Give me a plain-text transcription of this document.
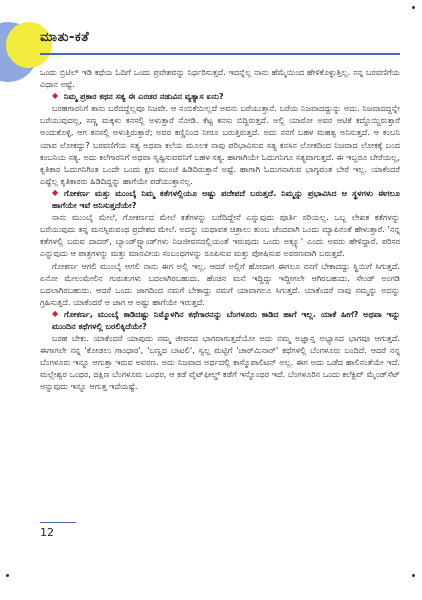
ಮಾತು-ಕತೆ

ಒಂದು ಬ್ರಿಟಿಲ್ ಇಡಿ ಕಥೆಯ ಓದಿಗೆ ಒಂದು ಪ್ರವೇಶವನ್ನು ನಿರ್ಧರಿಸುತ್ತದೆ. ಇದನ್ನೆಲ್ಲ ನಾನು ಹೆಮ್ಮೆಯಿಂದ ಹೇಳಿಕೊಳ್ಳುತ್ತಿಲ್ಲ. ನನ್ನ ಬರವಣಿಗೆಯ ವಿಧಾನ ಅಷ್ಟೆ.

◆ ನಿಮ್ಮ ಪ್ರಕಾರ ಕಥನ ಸತ್ಯ ಈ ಎರಡರ ನಡುವಿನ ವ್ಯತ್ಯಾಸ ಏನು?

ಬರಹಗಾರನಿಗೆ ತಾನು ಬರೆದದ್ದೆಲ್ಲವೂ ನಿಜವೇ. ಆ ನಂಬಿಕೆಯಿಲ್ಲದೆ ಅವನು ಬರೆಯುತ್ತಾನೆ. ಬರೆಯ ನಿಜವಾದದ್ದುನ್ನು ಅದು. ನಿಜವಾದದ್ದನ್ನೇ ಬರೆಯುವುದಲ್ಲ, ಸಣ್ಣ ಮಕ್ಕಳು ಕನಸಲ್ಲಿ ಅಳುತ್ತಾರೆ ನೋಡಿ. ಕೆಟ್ಟ ಕನಸು ಬಿದ್ದಿರುತ್ತದೆ. ಅಲ್ಲಿ ಯಾರೋ ಅವರ ಆಟಿಕೆ ಕದ್ದೊಯ್ದಿರುತ್ತಾರೆ ಅಂದುಕೊಳ್ಳಿ, ಆಗ ಕನಸಲ್ಲಿ ಅಳುತ್ತಿರುತ್ತಾರೆ; ಅವರ ಕಣ್ಣಿನಿಂದ ನೀರೂ ಬರುತ್ತಿರುತ್ತದೆ. ಅದು ನನಗೆ ಬಹಳ ಮಹತ್ವ ಅನಿಸುತ್ತದೆ. ಆ ಕಂಬನಿ ಯಾವ ಲೋಕದ್ದು? ಬರವಣಿಗೆಯ ಸತ್ಯ ಅಥವಾ ಕಲೆಯ ಮೂಲಕ ನಾವು ಪರಿಭಾವಿಸುವ ಸತ್ಯ ಕನಸಿನ ಲೋಕದಿಂದ ನಿಜವಾದ ಲೋಕಕ್ಕೆ ಬಂದ ಕಂಬನಿಯ ಸತ್ಯ. ಅದು ಕಲೆಗಾರನಿಗೆ ಅಥವಾ ಸೃಷ್ಟಿಸುವವನಿಗೆ ಬಹಳ ಸತ್ಯ. ಹಾಗಾಗಿಯೇ ಓದುಗನಿಗೂ ಸತ್ಯವಾಗುತ್ತದೆ. ಈ ಇಬ್ಬರೂ ಬೇರೆಯಲ್ಲ, ಕೃತಿಕಾರ ಓದುಗನಿಗಿಂತ ಒಂದೇ ಒಂದು ಕ್ಷಣ ಮುಂಚೆ ಹಿಡಿದಿರುತ್ತಾನೆ ಅಷ್ಟೆ. ಹಾಗಾಗಿ ಓದುಗನಾಗುವ ಭಾಗ್ಯವಂತ ಬೇರೆ ಇಲ್ಲ. ಯಾಕೆಂದರೆ ಎಷ್ಟೆಲ್ಲ ಕೃತಿಕಾರರು ಹಿಡಿದಿದ್ದನ್ನು ಹಾಗೆಯೇ ಪಡೆಯುತ್ತಾನಲ್ಲ.

◆ ಗೋಕರ್ಣ ಮತ್ತು ಮುಂಬೈ ನಿಮ್ಮ ಕತೆಗಳಲ್ಲಿಯೂ ಅಷ್ಟು ಪದೇಪದೆ ಬರುತ್ತದೆ. ನಿಮ್ಮನ್ನು ಪ್ರಭಾವಿಸಿದ ಆ ಸ್ಥಳಗಳು ಈಗಲೂ ಹಾಗೆಯೇ ಇವೆ ಅನಿಸುತ್ತದೆಯೇ?

ನಾನು ಮುಂಬೈ ಮೇಲೆ, ಗೋಕರ್ಣದ ಮೇಲೆ ಕತೆಗಳನ್ನು ಬರೆದಿದ್ದೇನೆ ಎನ್ನುವುದು ಪೂರ್ತಿ ಸರಿಯಲ್ಲ. ಒಬ್ಬ ಲೇಖಕ ಕತೆಗಳನ್ನು ಬರೆಯುವುದು ತನ್ನ ಮನಸ್ಸಿರುವಂಥ ಪ್ರದೇಶದ ಮೇಲೆ. ಅದನ್ನು ಯಥಾವತ ಚಿತ್ರಾಲು ತುಂಬ ಚೆಂದವಾಗಿ ಒಂದು ಮ್ಯಾಪಿನಂತೆ ಹೇಳುತ್ತಾರೆ. 'ನನ್ನ ಕತೆಗಳಲ್ಲಿ ಬರುವ ದಾದರ್, ಬ್ಯಾಂಡ್‌ಸ್ಟ್ಯಾಂಡ್‌ಗಳು ನಿಜಜೀವನದಲ್ಲಿಯಂತೆ ಇರುವುದು ಒಂದು ಅಕ್ಷ್ಯೂ' ಎಂದು ಅವರು ಹೇಳಿದ್ದಾರೆ. ಪರಿಸರ ಎನ್ನುವುದು ಆ ಪಾತ್ರಗಳನ್ನು ಮತ್ತು ಮಾನವೀಯ ಸಂಬಂಧಗಳನ್ನು ರೂಪಿಸುವ ಮತ್ತು ಪೋಷಿಸುವ ಅವರಣವಾಗಿ ಬರುತ್ತದೆ.

ಗೋಕರ್ಣ ಆಗಲಿ ಮುಂಬೈ ಆಗಲಿ ನಾನು ಈಗ ಅಲ್ಲಿ ಇಲ್ಲ. ಆದರೆ ಅಲ್ಲಿಗೆ ಹೋದಾಗ ಈಗಲೂ ನನಗೆ ಬೇಕಾದದ್ದು ಸ್ಥಿಯಿಗೆ ಸಿಗುತ್ತದೆ. ಏನೋ ಮೇಲುಮೇಲಿನ ಗುರುತುಗಳು ಬದಲಾಗಿರಬಹುದು. ಹೆಂಚಿನ ಮನೆ ಇದ್ದಿದ್ದು ಇದ್ದೀಗಲೇ ಆಗಿರಬಹುದು. ಸೇಂಡ್ ಅಂಗಡಿ ಬದಲಾಗಿರಬಹುದು. ಆದರೆ ಒಂದು ಜಾಗದಿಂದ ನಮಗೆ ಬೇಕಾದ್ದು ನಮಗೆ ಯಾವಾಗಲೂ ಸಿಗುತ್ತದೆ. ಯಾಕೆಂದರೆ ನಾವು ನಮ್ಮನ್ನು ಅದನ್ನು ಗ್ರಹಿಸುತ್ತದೆ. ಯಾಕೆಂದರೆ ಆ ಜಾಗ ಆ ಅಷ್ಟು ಹಾಗೆಯೇ ಇರುತ್ತದೆ.

◆ ಗೋಕರ್ಣ, ಮುಂಬೈ ಕಾಡಿದಷ್ಟು ನಿಮ್ಮೊಳಗಿನ ಕಥೆಗಾರನನ್ನು ಬೆಂಗಳೂರು ಕಾಡಿದ ಹಾಗೆ ಇಲ್ಲ. ಯಾಕೆ ಹೀಗೆ? ಅಥವಾ ಇನ್ನು ಮುಂದಿನ ಕಥೆಗಳಲ್ಲಿ ಬರಲಿಕ್ಕಿದೆಯೇ?

ಬರಹ ಬೇಕು. ಯಾಕೆಂದರೆ ಯಾವುದು ನಮ್ಮ ಜೀವನದ ಭಾಗವಾಗುತ್ತದೆಯೋ ಅದು ನಮ್ಮ ಅಜ್ಞಾನ್ತ ಅಭ್ಯಾಸದ ಭಾಗವೂ ಆಗುತ್ತದೆ. ಈಗಾಗಲೇ ನನ್ನ 'ಕೋಡಲು ಗಾಂಧಾರ', 'ಬಣ್ಣದ ಬಾಟಲಿ', ಸ್ವಲ್ಪ ಮಟ್ಟಿಗೆ 'ಚಾರ್‌ಮಿನಾರ್' ಕಥೆಗಳಲ್ಲಿ ಬೆಂಗಳೂರು ಬಂದಿದೆ. ಆದರೆ ನನ್ನ ಬೆಂಗಳೂರು ಇನ್ನೂ ಆಗುತ್ತಾ ಇರುವ ಅವರಣ. ಅದು ನಿಜವಾದ ಅರ್ಥದಲ್ಲಿ ಕಾಸ್ಮೊಪಾಲಿಟನ್ ಅಲ್ಲ. ಈಗ ಅದು ಒಡೆದ ಹಾಲಿನಂತೆಯೇ ಇದೆ. ಮಲ್ಲೇಶ್ವರ ಒಂಥರ, ದಕ್ಷಿಣ ಬೆಂಗಳೂರು ಒಂಥರ, ಆ ಕಡೆ ವೈಟ್‌ಫೀಲ್ಡ್ ಕಡೆಗೆ ಇನ್ನೊಂಥರ ಇದೆ. ಬೆಂಗಳೂರಿನ ಒಂದು ಕಲೆಕ್ಟಿವ್ ಮೈಂಡ್‌ಸೆಟ್ ಅನ್ನುವುದು ಇನ್ನೂ ಆಗುತ್ತ ಇದೆಯಷ್ಟೆ.

12
